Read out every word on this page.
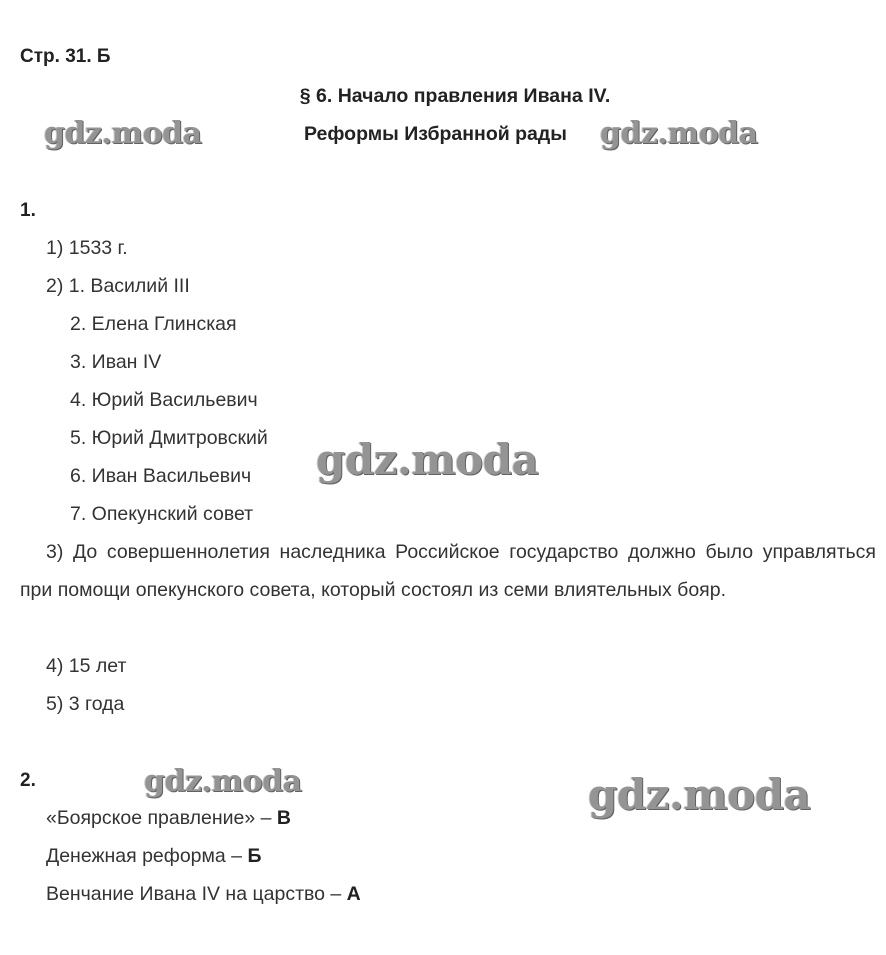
Стр. 31. Б
§ 6. Начало правления Ивана IV.
Реформы Избранной рады
1.
1) 1533 г.
2) 1. Василий III
2. Елена Глинская
3. Иван IV
4. Юрий Васильевич
5. Юрий Дмитровский
6. Иван Васильевич
7. Опекунский совет
3) До совершеннолетия наследника Российское государство должно было управляться при помощи опекунского совета, который состоял из семи влиятельных бояр.
4) 15 лет
5) 3 года
2.
«Боярское правление» – В
Денежная реформа – Б
Венчание Ивана IV на царство – А
gdz.moda	gdz.moda
gdz.moda
gdz.moda	gdz.moda
